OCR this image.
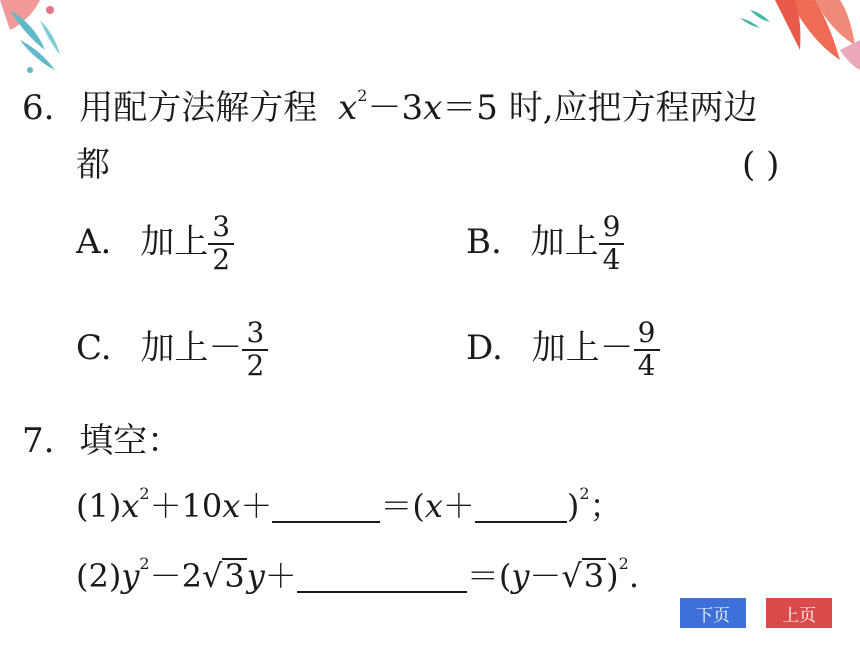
6. 用配方法解方程 $x^2-3x=5$ 时,应把方程两边
都	( )
A. 加上 $\frac{3}{2}$	B. 加上 $\frac{9}{4}$
C. 加上－ $\frac{3}{2}$	D. 加上－ $\frac{9}{4}$
7. 填空：
$(1)x^2+10x+$	＝(x＋	)$^2$；
$(2)y^2-2$ √ 3 y＋	＝(y－ √ 3 )$^2$.
下页	上页
